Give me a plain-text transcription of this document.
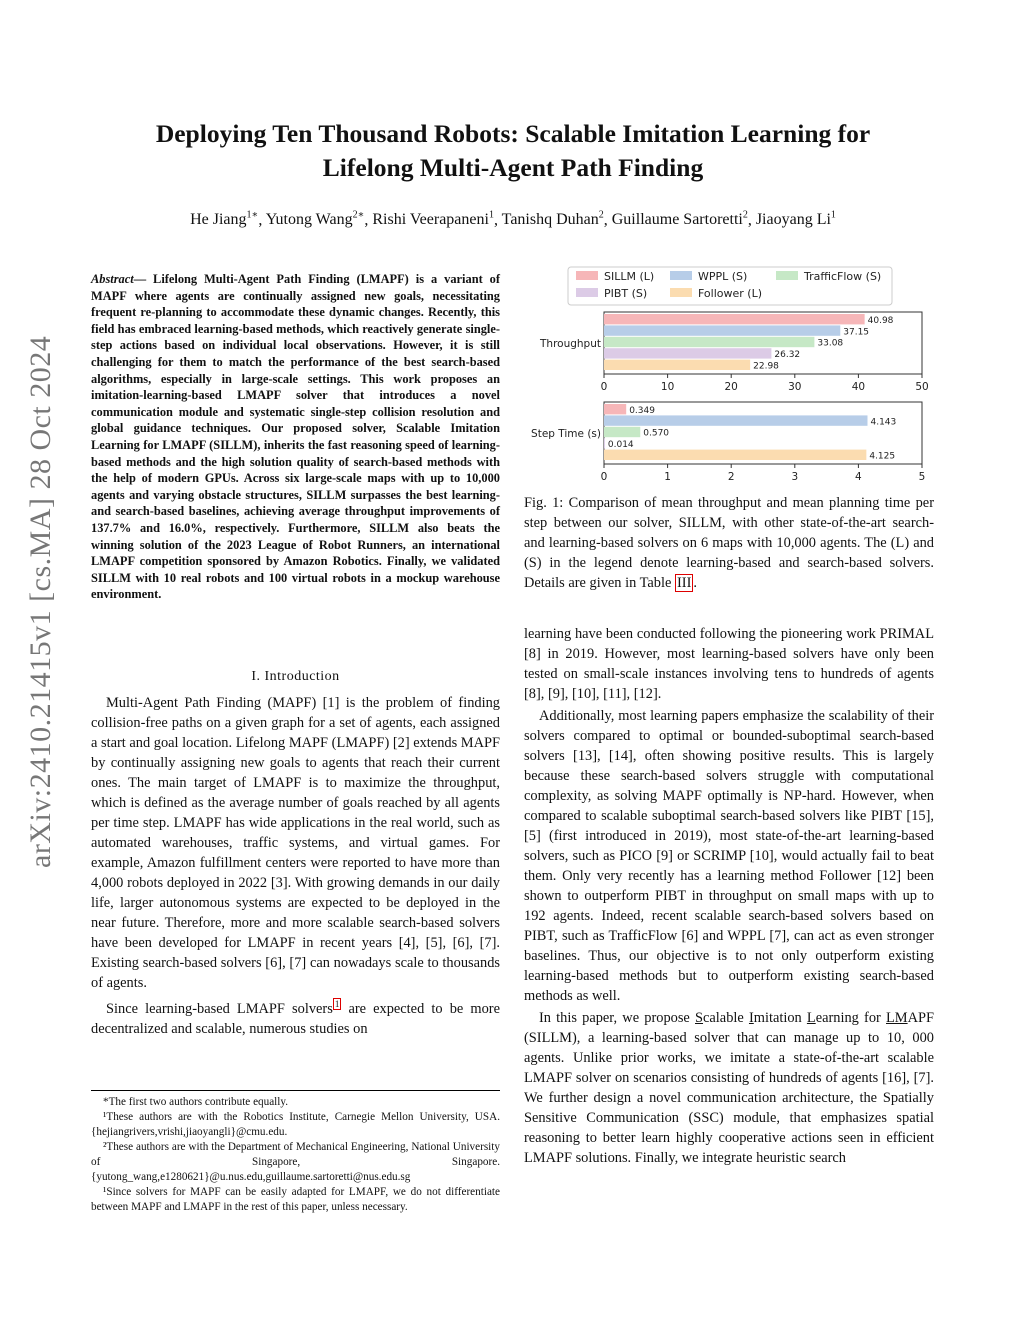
arXiv:2410.21415v1 [cs.MA] 28 Oct 2024
Deploying Ten Thousand Robots: Scalable Imitation Learning for
Lifelong Multi-Agent Path Finding
He Jiang$^{1∗}$, Yutong Wang$^{2∗}$, Rishi Veerapaneni$^1$, Tanishq Duhan$^2$, Guillaume Sartoretti$^2$, Jiaoyang Li$^1$
Abstract— Lifelong Multi-Agent Path Finding (LMAPF) is a variant of MAPF where agents are continually assigned new goals, necessitating frequent re-planning to accommodate these dynamic changes. Recently, this field has embraced learning-based methods, which reactively generate single-step actions based on individual local observations. However, it is still challenging for them to match the performance of the best search-based algorithms, especially in large-scale settings. This work proposes an imitation-learning-based LMAPF solver that introduces a novel communication module and systematic single-step collision resolution and global guidance techniques. Our proposed solver, Scalable Imitation Learning for LMAPF (SILLM), inherits the fast reasoning speed of learning-based methods and the high solution quality of search-based methods with the help of modern GPUs. Across six large-scale maps with up to 10,000 agents and varying obstacle structures, SILLM surpasses the best learning- and search-based baselines, achieving average throughput improvements of 137.7% and 16.0%, respectively. Furthermore, SILLM also beats the winning solution of the 2023 League of Robot Runners, an international LMAPF competition sponsored by Amazon Robotics. Finally, we validated SILLM with 10 real robots and 100 virtual robots in a mockup warehouse environment.
I. Introduction

Multi-Agent Path Finding (MAPF) [1] is the problem of finding collision-free paths on a given graph for a set of agents, each assigned a start and goal location. Lifelong MAPF (LMAPF) [2] extends MAPF by continually assigning new goals to agents that reach their current ones. The main target of LMAPF is to maximize the throughput, which is defined as the average number of goals reached by all agents per time step. LMAPF has wide applications in the real world, such as automated warehouses, traffic systems, and virtual games. For example, Amazon fulfillment centers were reported to have more than 4,000 robots deployed in 2022 [3]. With growing demands in our daily life, larger autonomous systems are expected to be deployed in the near future. Therefore, more and more scalable search-based solvers have been developed for LMAPF in recent years [4], [5], [6], [7]. Existing search-based solvers [6], [7] can nowadays scale to thousands of agents.

Since learning-based LMAPF solvers $^1$ are expected to be more decentralized and scalable, numerous studies on

*The first two authors contribute equally.
¹These authors are with the Robotics Institute, Carnegie Mellon University, USA. {hejiangrivers,vrishi,jiaoyangli}@cmu.edu.
²These authors are with the Department of Mechanical Engineering, National University of Singapore, Singapore. {yutong_wang,e1280621}@u.nus.edu,guillaume.sartoretti@nus.edu.sg
¹Since solvers for MAPF can be easily adapted for LMAPF, we do not differentiate between MAPF and LMAPF in the rest of this paper, unless necessary.
SILLM (L)	WPPL (S)	TrafficFlow (S)
PIBT (S)	Follower (L)
40.98
37.15
33.08
26.32
22.98
Throughput
0	10	20	30	40	50
0.349
4.143
0.570
0.014
4.125
Step Time (s)
0	1	2	3	4	5
Fig. 1: Comparison of mean throughput and mean planning time per step between our solver, SILLM, with other state-of-the-art search- and learning-based solvers on 6 maps with 10,000 agents. The (L) and (S) in the legend denote learning-based and search-based solvers. Details are given in Table III .

learning have been conducted following the pioneering work PRIMAL [8] in 2019. However, most learning-based solvers have only been tested on small-scale instances involving tens to hundreds of agents [8], [9], [10], [11], [12].

Additionally, most learning papers emphasize the scalability of their solvers compared to optimal or bounded-suboptimal search-based solvers [13], [14], often showing positive results. This is largely because these search-based solvers struggle with computational complexity, as solving MAPF optimally is NP-hard. However, when compared to scalable suboptimal search-based solvers like PIBT [15], [5] (first introduced in 2019), most state-of-the-art learning-based solvers, such as PICO [9] or SCRIMP [10], would actually fail to beat them. Only very recently has a learning method Follower [12] been shown to outperform PIBT in throughput on small maps with up to 192 agents. Indeed, recent scalable search-based solvers based on PIBT, such as TrafficFlow [6] and WPPL [7], can act as even stronger baselines. Thus, our objective is to not only outperform existing learning-based methods but to outperform existing search-based methods as well.

In this paper, we propose Scalable Imitation Learning for LMAPF (SILLM), a learning-based solver that can manage up to 10, 000 agents. Unlike prior works, we imitate a state-of-the-art scalable LMAPF solver on scenarios consisting of hundreds of agents [16], [7]. We further design a novel communication architecture, the Spatially Sensitive Communication (SSC) module, that emphasizes spatial reasoning to better learn highly cooperative actions seen in efficient LMAPF solutions. Finally, we integrate heuristic search
